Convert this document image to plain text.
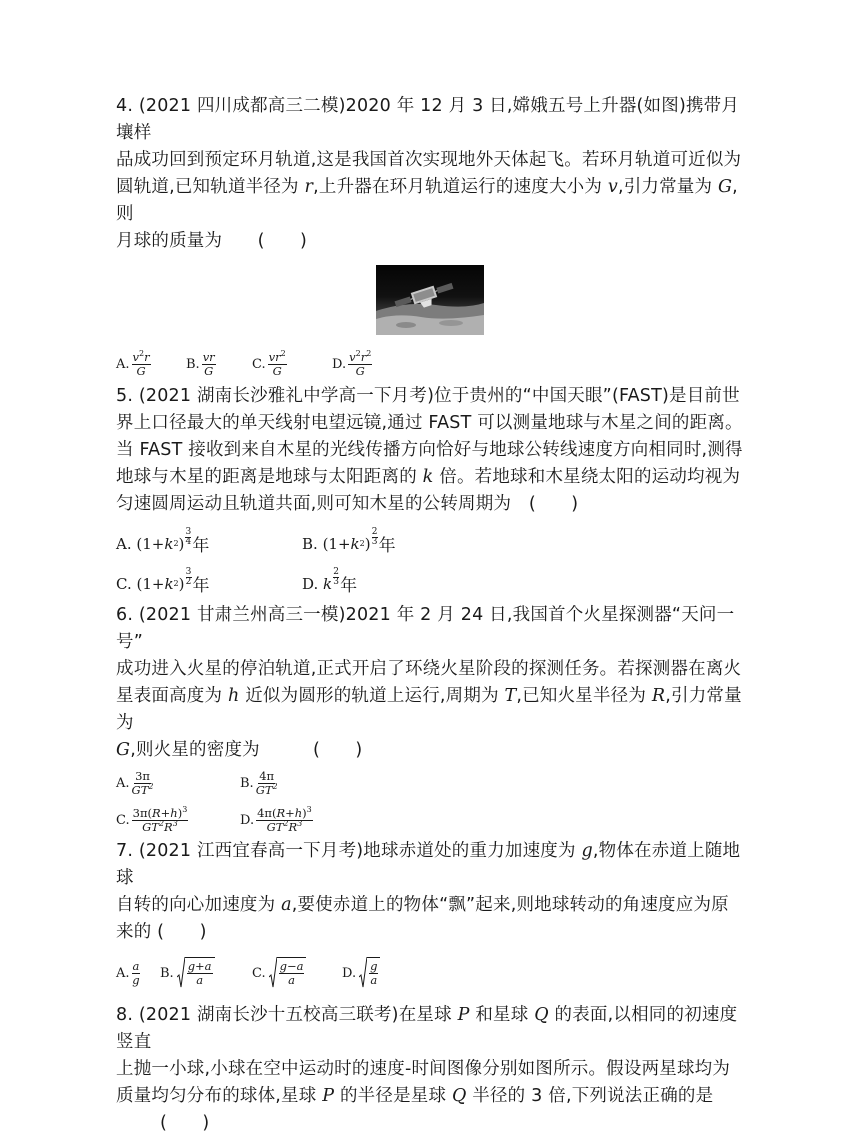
4. (2021 四川成都高三二模)2020 年 12 月 3 日,嫦娥五号上升器(如图)携带月壤样

品成功回到预定环月轨道,这是我国首次实现地外天体起飞。若环月轨道可近似为

圆轨道,已知轨道半径为 r,上升器在环月轨道运行的速度大小为 v,引力常量为 G,则

月球的质量为　　(　　)

A. $\frac{v^2r}{G}$	B. $\frac{vr}{G}$	C. $\frac{vr^2}{G}$	D. $\frac{v^2r^2}{G}$

5. (2021 湖南长沙雅礼中学高一下月考)位于贵州的“中国天眼”(FAST)是目前世

界上口径最大的单天线射电望远镜,通过 FAST 可以测量地球与木星之间的距离。

当 FAST 接收到来自木星的光线传播方向恰好与地球公转线速度方向相同时,测得

地球与木星的距离是地球与太阳距离的 k 倍。若地球和木星绕太阳的运动均视为

匀速圆周运动且轨道共面,则可知木星的公转周期为　(　　)

A. (1+ k 2 )
3
4 年	B. (1+ k 2 )
2
3 年
C. (1+ k 2 )
3
2 年	D.
k
2
3 年

6. (2021 甘肃兰州高三一模)2021 年 2 月 24 日,我国首个火星探测器“天问一号”

成功进入火星的停泊轨道,正式开启了环绕火星阶段的探测任务。若探测器在离火

星表面高度为 h 近似为圆形的轨道上运行,周期为 T,已知火星半径为 R,引力常量为

G,则火星的密度为　　　(　　)

A. $\frac{3\pi}{GT^2}$	B. $\frac{4\pi}{GT^2}$
C. $\frac{3\pi(R+h)^3}{GT^2R^3}$	D. $\frac{4\pi(R+h)^3}{GT^2R^3}$

7. (2021 江西宜春高一下月考)地球赤道处的重力加速度为 g,物体在赤道上随地球

自转的向心加速度为 a,要使赤道上的物体“飘”起来,则地球转动的角速度应为原

来的 (　　)

A. $\frac{a}{g} B$. $\frac{g+a}{a}$	C. $\frac{g-a}{a}$	D. $\frac{g}{a}$

8. (2021 湖南长沙十五校高三联考)在星球 P 和星球 Q 的表面,以相同的初速度竖直

上抛一小球,小球在空中运动时的速度-时间图像分别如图所示。假设两星球均为

质量均匀分布的球体,星球 P 的半径是星球 Q 半径的 3 倍,下列说法正确的是

(　　)
